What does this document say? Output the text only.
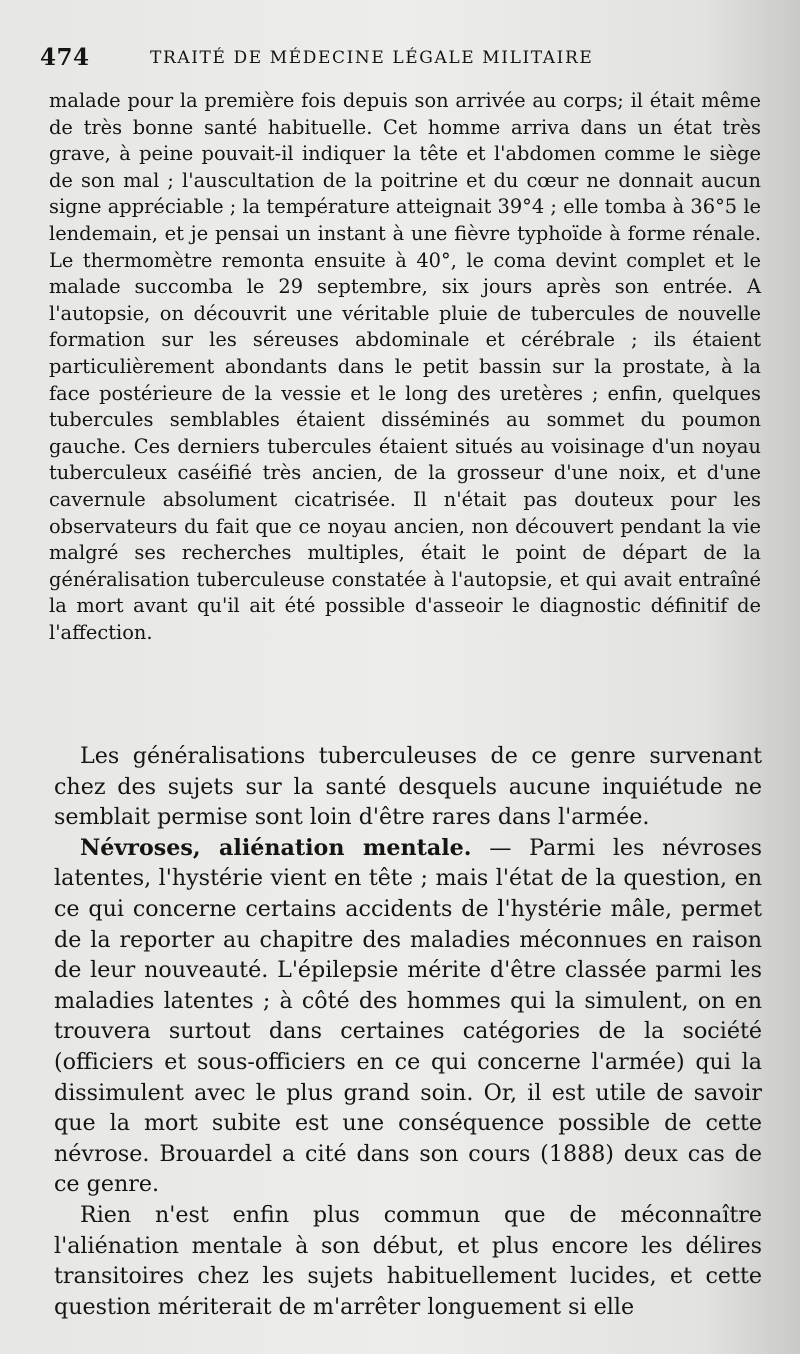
474	TRAITÉ DE MÉDECINE LÉGALE MILITAIRE

malade pour la première fois depuis son arrivée au corps; il était même de très bonne santé habituelle. Cet homme arriva dans un état très grave, à peine pouvait-il indiquer la tête et l'abdomen comme le siège de son mal ; l'auscultation de la poitrine et du cœur ne donnait aucun signe appréciable ; la température atteignait 39°4 ; elle tomba à 36°5 le lendemain, et je pensai un instant à une fièvre typhoïde à forme rénale. Le thermomètre remonta ensuite à 40°, le coma devint complet et le malade succomba le 29 septembre, six jours après son entrée. A l'autopsie, on découvrit une véritable pluie de tubercules de nouvelle formation sur les séreuses abdominale et cérébrale ; ils étaient particulièrement abondants dans le petit bassin sur la prostate, à la face postérieure de la vessie et le long des uretères ; enfin, quelques tubercules semblables étaient disséminés au sommet du poumon gauche. Ces derniers tubercules étaient situés au voisinage d'un noyau tuberculeux caséifié très ancien, de la grosseur d'une noix, et d'une cavernule absolument cicatrisée. Il n'était pas douteux pour les observateurs du fait que ce noyau ancien, non découvert pendant la vie malgré ses recherches multiples, était le point de départ de la généralisation tuberculeuse constatée à l'autopsie, et qui avait entraîné la mort avant qu'il ait été possible d'asseoir le diagnostic définitif de l'affection.

Les généralisations tuberculeuses de ce genre survenant chez des sujets sur la santé desquels aucune inquiétude ne semblait permise sont loin d'être rares dans l'armée.

Névroses, aliénation mentale. — Parmi les névroses latentes, l'hystérie vient en tête ; mais l'état de la question, en ce qui concerne certains accidents de l'hystérie mâle, permet de la reporter au chapitre des maladies méconnues en raison de leur nouveauté. L'épilepsie mérite d'être classée parmi les maladies latentes ; à côté des hommes qui la simulent, on en trouvera surtout dans certaines catégories de la société (officiers et sous-officiers en ce qui concerne l'armée) qui la dissimulent avec le plus grand soin. Or, il est utile de savoir que la mort subite est une conséquence possible de cette névrose. Brouardel a cité dans son cours (1888) deux cas de ce genre.

Rien n'est enfin plus commun que de méconnaître l'aliénation mentale à son début, et plus encore les délires transitoires chez les sujets habituellement lucides, et cette question mériterait de m'arrêter longuement si elle
